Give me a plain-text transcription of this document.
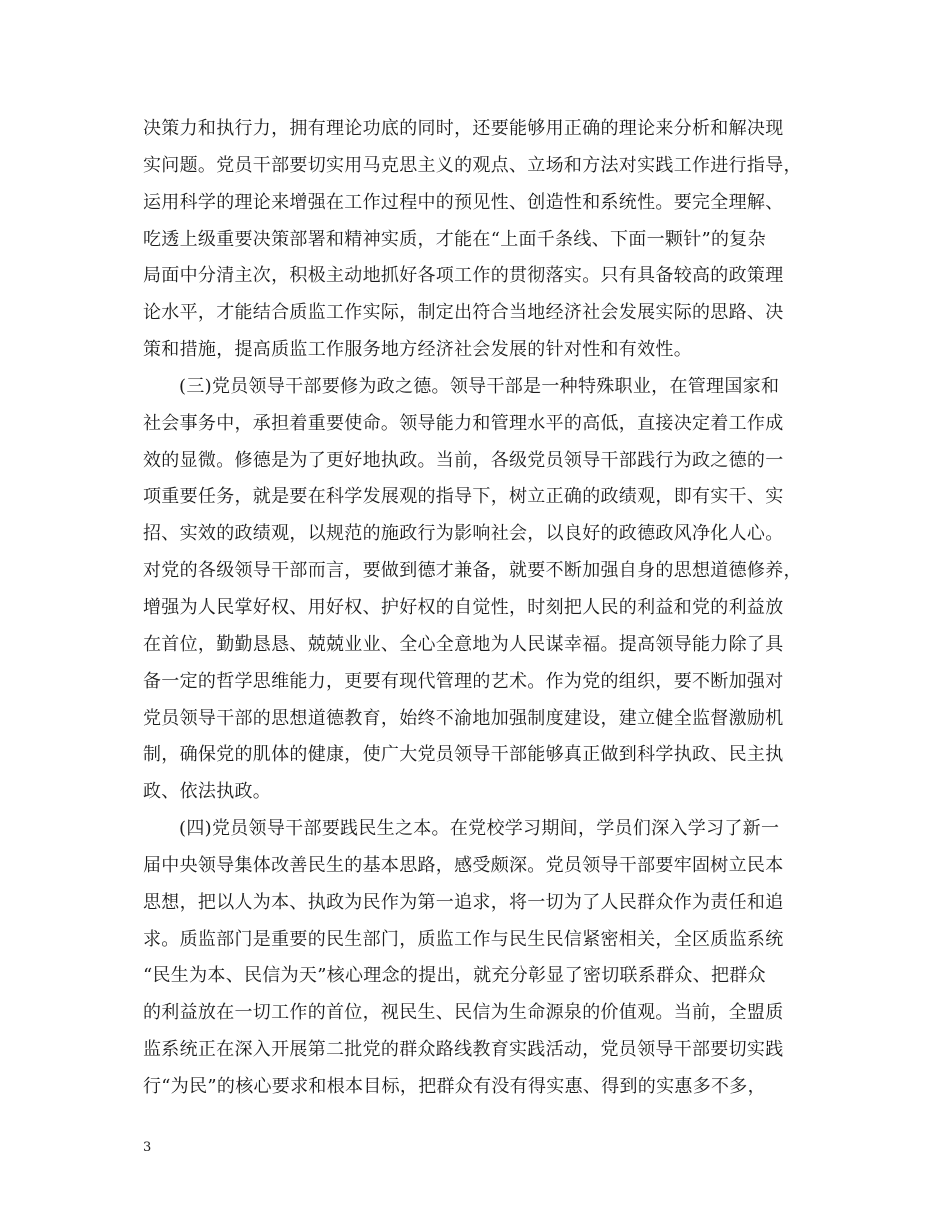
决策力和执行力，拥有理论功底的同时，还要能够用正确的理论来分析和解决现
实问题。党员干部要切实用马克思主义的观点、立场和方法对实践工作进行指导，
运用科学的理论来增强在工作过程中的预见性、创造性和系统性。要完全理解、
吃透上级重要决策部署和精神实质，才能在“上面千条线、下面一颗针”的复杂
局面中分清主次，积极主动地抓好各项工作的贯彻落实。只有具备较高的政策理
论水平，才能结合质监工作实际，制定出符合当地经济社会发展实际的思路、决
策和措施，提高质监工作服务地方经济社会发展的针对性和有效性。
(三)党员领导干部要修为政之德。领导干部是一种特殊职业，在管理国家和
社会事务中，承担着重要使命。领导能力和管理水平的高低，直接决定着工作成
效的显微。修德是为了更好地执政。当前，各级党员领导干部践行为政之德的一
项重要任务，就是要在科学发展观的指导下，树立正确的政绩观，即有实干、实
招、实效的政绩观，以规范的施政行为影响社会，以良好的政德政风净化人心。
对党的各级领导干部而言，要做到德才兼备，就要不断加强自身的思想道德修养，
增强为人民掌好权、用好权、护好权的自觉性，时刻把人民的利益和党的利益放
在首位，勤勤恳恳、兢兢业业、全心全意地为人民谋幸福。提高领导能力除了具
备一定的哲学思维能力，更要有现代管理的艺术。作为党的组织，要不断加强对
党员领导干部的思想道德教育，始终不渝地加强制度建设，建立健全监督激励机
制，确保党的肌体的健康，使广大党员领导干部能够真正做到科学执政、民主执
政、依法执政。
(四)党员领导干部要践民生之本。在党校学习期间，学员们深入学习了新一
届中央领导集体改善民生的基本思路，感受颇深。党员领导干部要牢固树立民本
思想，把以人为本、执政为民作为第一追求，将一切为了人民群众作为责任和追
求。质监部门是重要的民生部门，质监工作与民生民信紧密相关，全区质监系统
“民生为本、民信为天”核心理念的提出，就充分彰显了密切联系群众、把群众
的利益放在一切工作的首位，视民生、民信为生命源泉的价值观。当前，全盟质
监系统正在深入开展第二批党的群众路线教育实践活动，党员领导干部要切实践
行“为民”的核心要求和根本目标，把群众有没有得实惠、得到的实惠多不多，
3
